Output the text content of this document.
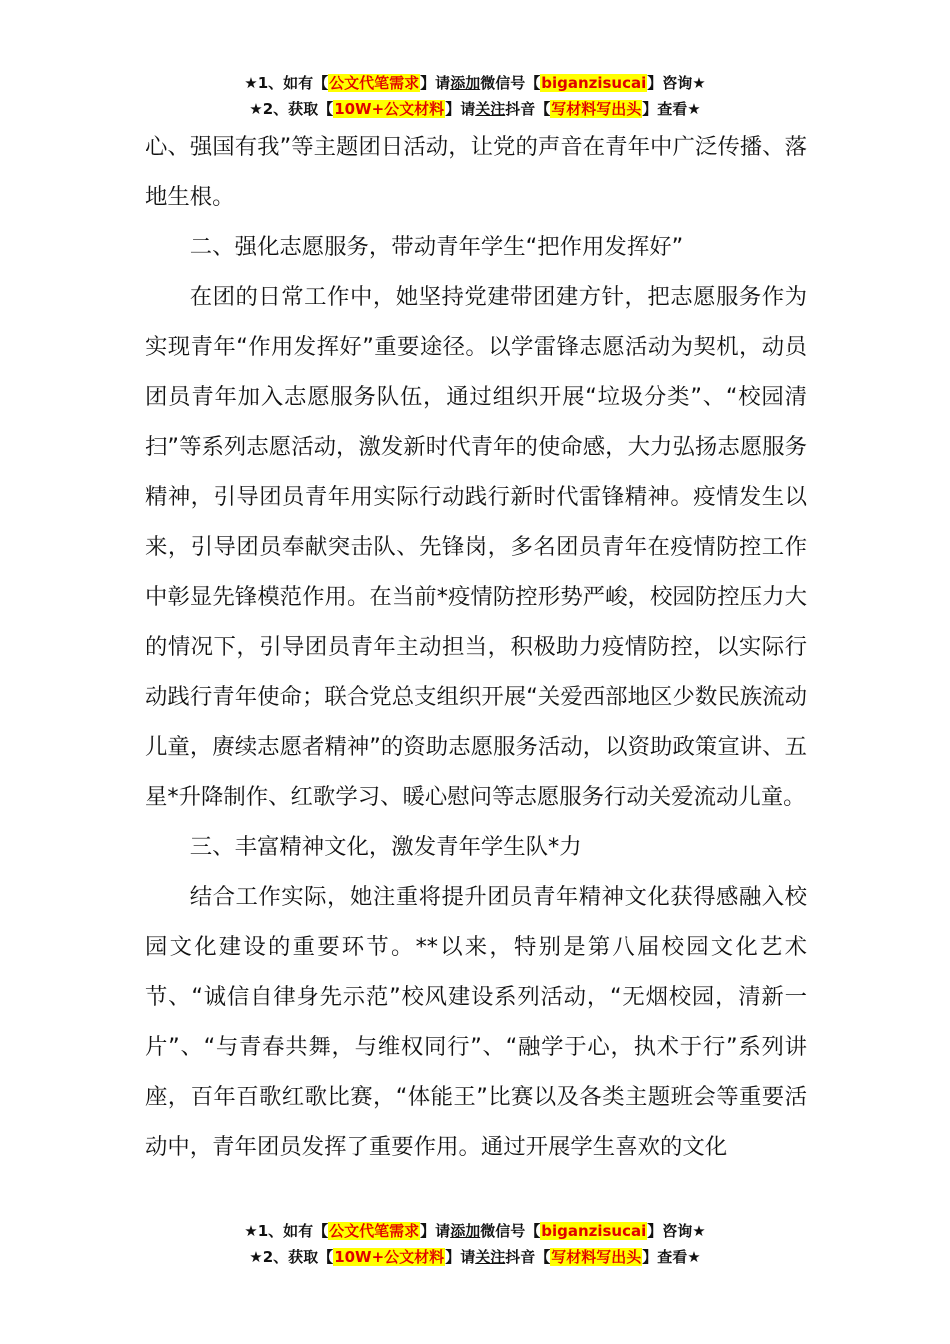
★1、如有【公文代笔需求】请添加微信号【biganzisucai】咨询★
★2、获取【10W+公文材料】请关注抖音【写材料写出头】查看★

心、强国有我”等主题团日活动，让党的声音在青年中广泛传播、落地生根。

二、强化志愿服务，带动青年学生“把作用发挥好”

在团的日常工作中，她坚持党建带团建方针，把志愿服务作为实现青年“作用发挥好”重要途径。以学雷锋志愿活动为契机，动员团员青年加入志愿服务队伍，通过组织开展“垃圾分类”、“校园清扫”等系列志愿活动，激发新时代青年的使命感，大力弘扬志愿服务精神，引导团员青年用实际行动践行新时代雷锋精神。疫情发生以来，引导团员奉献突击队、先锋岗，多名团员青年在疫情防控工作中彰显先锋模范作用。在当前*疫情防控形势严峻，校园防控压力大的情况下，引导团员青年主动担当，积极助力疫情防控，以实际行动践行青年使命；联合党总支组织开展“关爱西部地区少数民族流动儿童，赓续志愿者精神”的资助志愿服务活动，以资助政策宣讲、五星*升降制作、红歌学习、暖心慰问等志愿服务行动关爱流动儿童。

三、丰富精神文化，激发青年学生队*力

结合工作实际，她注重将提升团员青年精神文化获得感融入校园文化建设的重要环节。**以来，特别是第八届校园文化艺术节、“诚信自律身先示范”校风建设系列活动，“无烟校园，清新一片”、“与青春共舞，与维权同行”、“融学于心，执术于行”系列讲座，百年百歌红歌比赛，“体能王”比赛以及各类主题班会等重要活动中，青年团员发挥了重要作用。通过开展学生喜欢的文化

★1、如有【公文代笔需求】请添加微信号【biganzisucai】咨询★
★2、获取【10W+公文材料】请关注抖音【写材料写出头】查看★
